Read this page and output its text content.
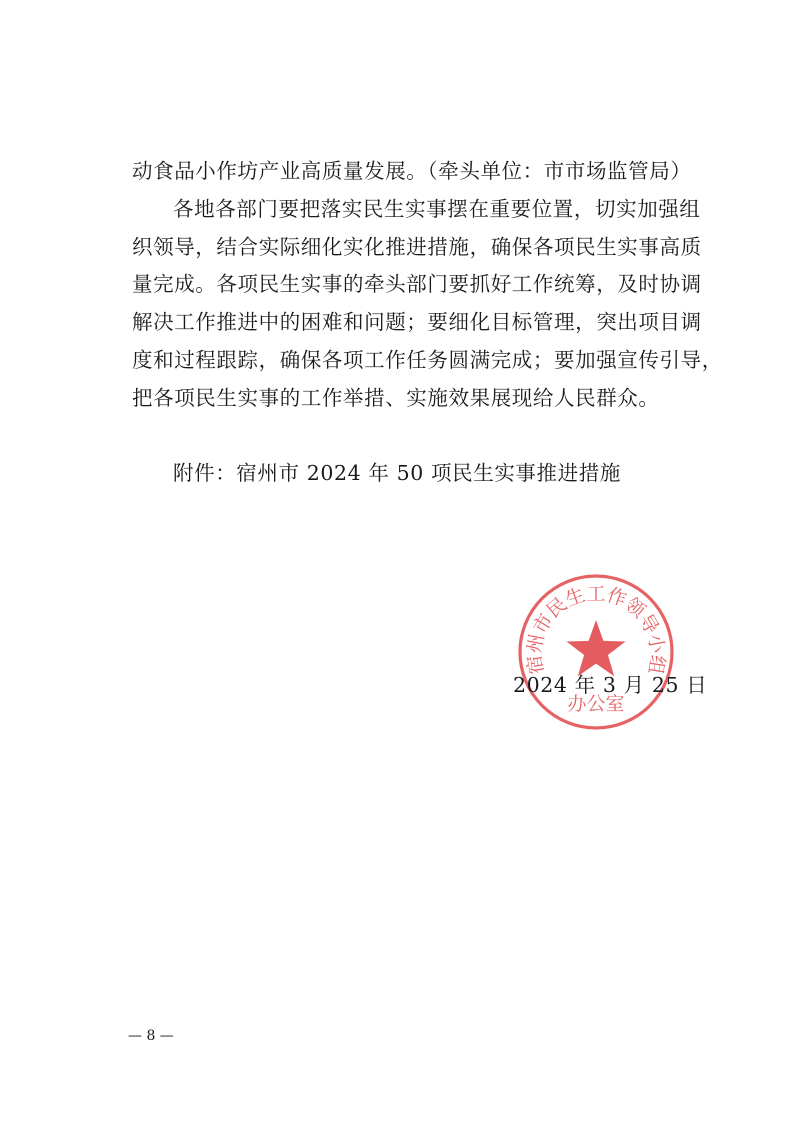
动食品小作坊产业高质量发展。（牵头单位：市市场监管局）

各地各部门要把落实民生实事摆在重要位置，切实加强组

织领导，结合实际细化实化推进措施，确保各项民生实事高质

量完成。各项民生实事的牵头部门要抓好工作统筹，及时协调

解决工作推进中的困难和问题；要细化目标管理，突出项目调

度和过程跟踪，确保各项工作任务圆满完成；要加强宣传引导，

把各项民生实事的工作举措、实施效果展现给人民群众。

附件：宿州市 2024 年 50 项民生实事推进措施

宿州市民生工作领导小组
办公室
2024 年 3 月 25 日
— 8 —
